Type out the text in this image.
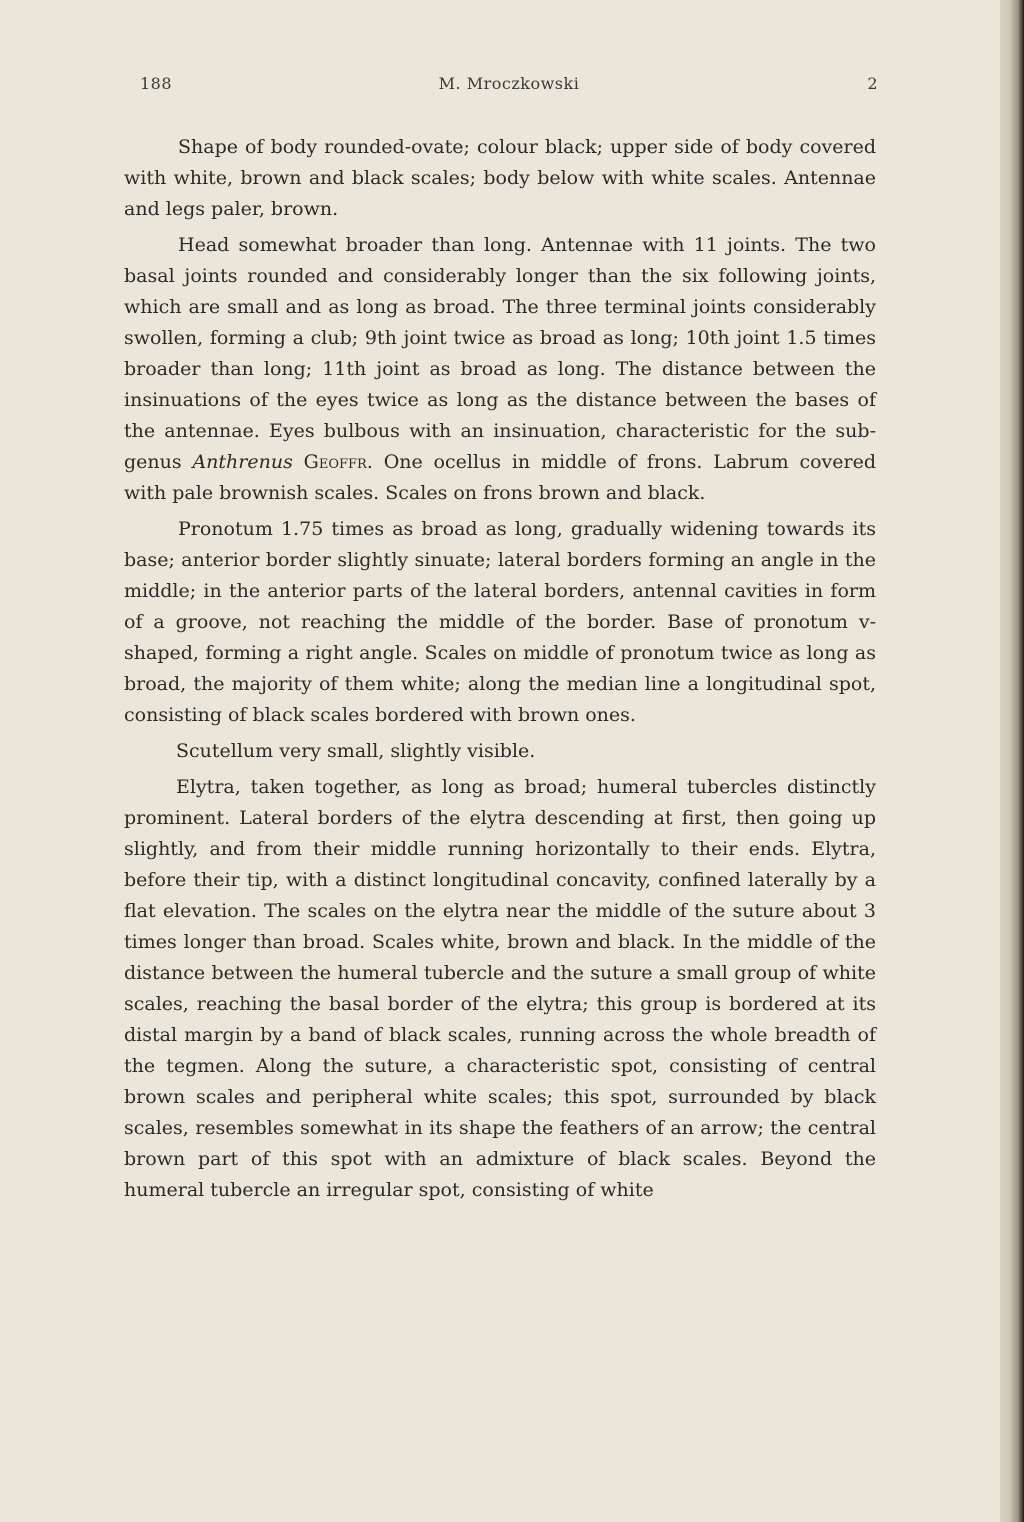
188	M. Mroczkowski	2

Shape of body rounded-ovate; colour black; upper side of body covered with white, brown and black scales; body below with white scales. Antennae and legs paler, brown.

Head somewhat broader than long. Antennae with 11 joints. The two basal joints rounded and considerably longer than the six following joints, which are small and as long as broad. The three terminal joints considerably swollen, forming a club; 9th joint twice as broad as long; 10th joint 1.5 times broader than long; 11th joint as broad as long. The distance between the insinuations of the eyes twice as long as the distance between the bases of the antennae. Eyes bulbous with an insinuation, characteristic for the subgenus Anthrenus Geoffr. One ocellus in middle of frons. Labrum covered with pale brownish scales. Scales on frons brown and black.

Pronotum 1.75 times as broad as long, gradually widening towards its base; anterior border slightly sinuate; lateral borders forming an angle in the middle; in the anterior parts of the lateral borders, antennal cavities in form of a groove, not reaching the middle of the border. Base of pronotum v-shaped, forming a right angle. Scales on middle of pronotum twice as long as broad, the majority of them white; along the median line a longitudinal spot, consisting of black scales bordered with brown ones.

Scutellum very small, slightly visible.

Elytra, taken together, as long as broad; humeral tubercles distinctly prominent. Lateral borders of the elytra descending at first, then going up slightly, and from their middle running horizontally to their ends. Elytra, before their tip, with a distinct longitudinal concavity, confined laterally by a flat elevation. The scales on the elytra near the middle of the suture about 3 times longer than broad. Scales white, brown and black. In the middle of the distance between the humeral tubercle and the suture a small group of white scales, reaching the basal border of the elytra; this group is bordered at its distal margin by a band of black scales, running across the whole breadth of the tegmen. Along the suture, a characteristic spot, consisting of central brown scales and peripheral white scales; this spot, surrounded by black scales, resembles somewhat in its shape the feathers of an arrow; the central brown part of this spot with an admixture of black scales. Beyond the humeral tubercle an irregular spot, consisting of white
